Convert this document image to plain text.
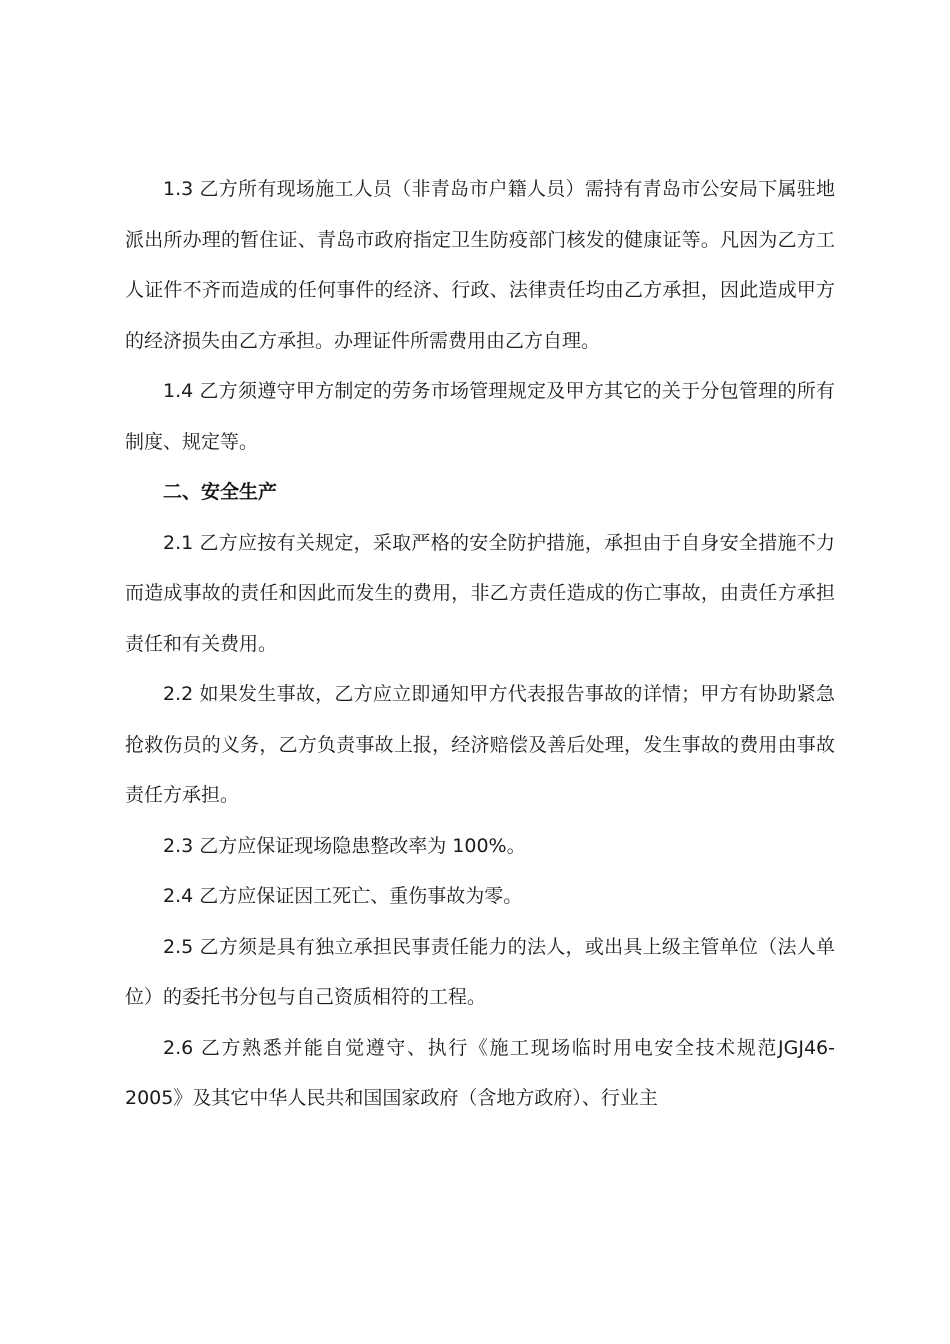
1.3 乙方所有现场施工人员（非青岛市户籍人员）需持有青岛市公安局下属驻地派出所办理的暂住证、青岛市政府指定卫生防疫部门核发的健康证等。凡因为乙方工人证件不齐而造成的任何事件的经济、行政、法律责任均由乙方承担，因此造成甲方的经济损失由乙方承担。办理证件所需费用由乙方自理。

1.4 乙方须遵守甲方制定的劳务市场管理规定及甲方其它的关于分包管理的所有制度、规定等。

二、安全生产

2.1 乙方应按有关规定，采取严格的安全防护措施，承担由于自身安全措施不力而造成事故的责任和因此而发生的费用，非乙方责任造成的伤亡事故，由责任方承担责任和有关费用。

2.2 如果发生事故，乙方应立即通知甲方代表报告事故的详情；甲方有协助紧急抢救伤员的义务，乙方负责事故上报，经济赔偿及善后处理，发生事故的费用由事故责任方承担。

2.3 乙方应保证现场隐患整改率为 100%。

2.4 乙方应保证因工死亡、重伤事故为零。

2.5 乙方须是具有独立承担民事责任能力的法人，或出具上级主管单位（法人单位）的委托书分包与自己资质相符的工程。

2.6 乙方熟悉并能自觉遵守、执行《施工现场临时用电安全技术规范JGJ46-2005》及其它中华人民共和国国家政府（含地方政府）、行业主
